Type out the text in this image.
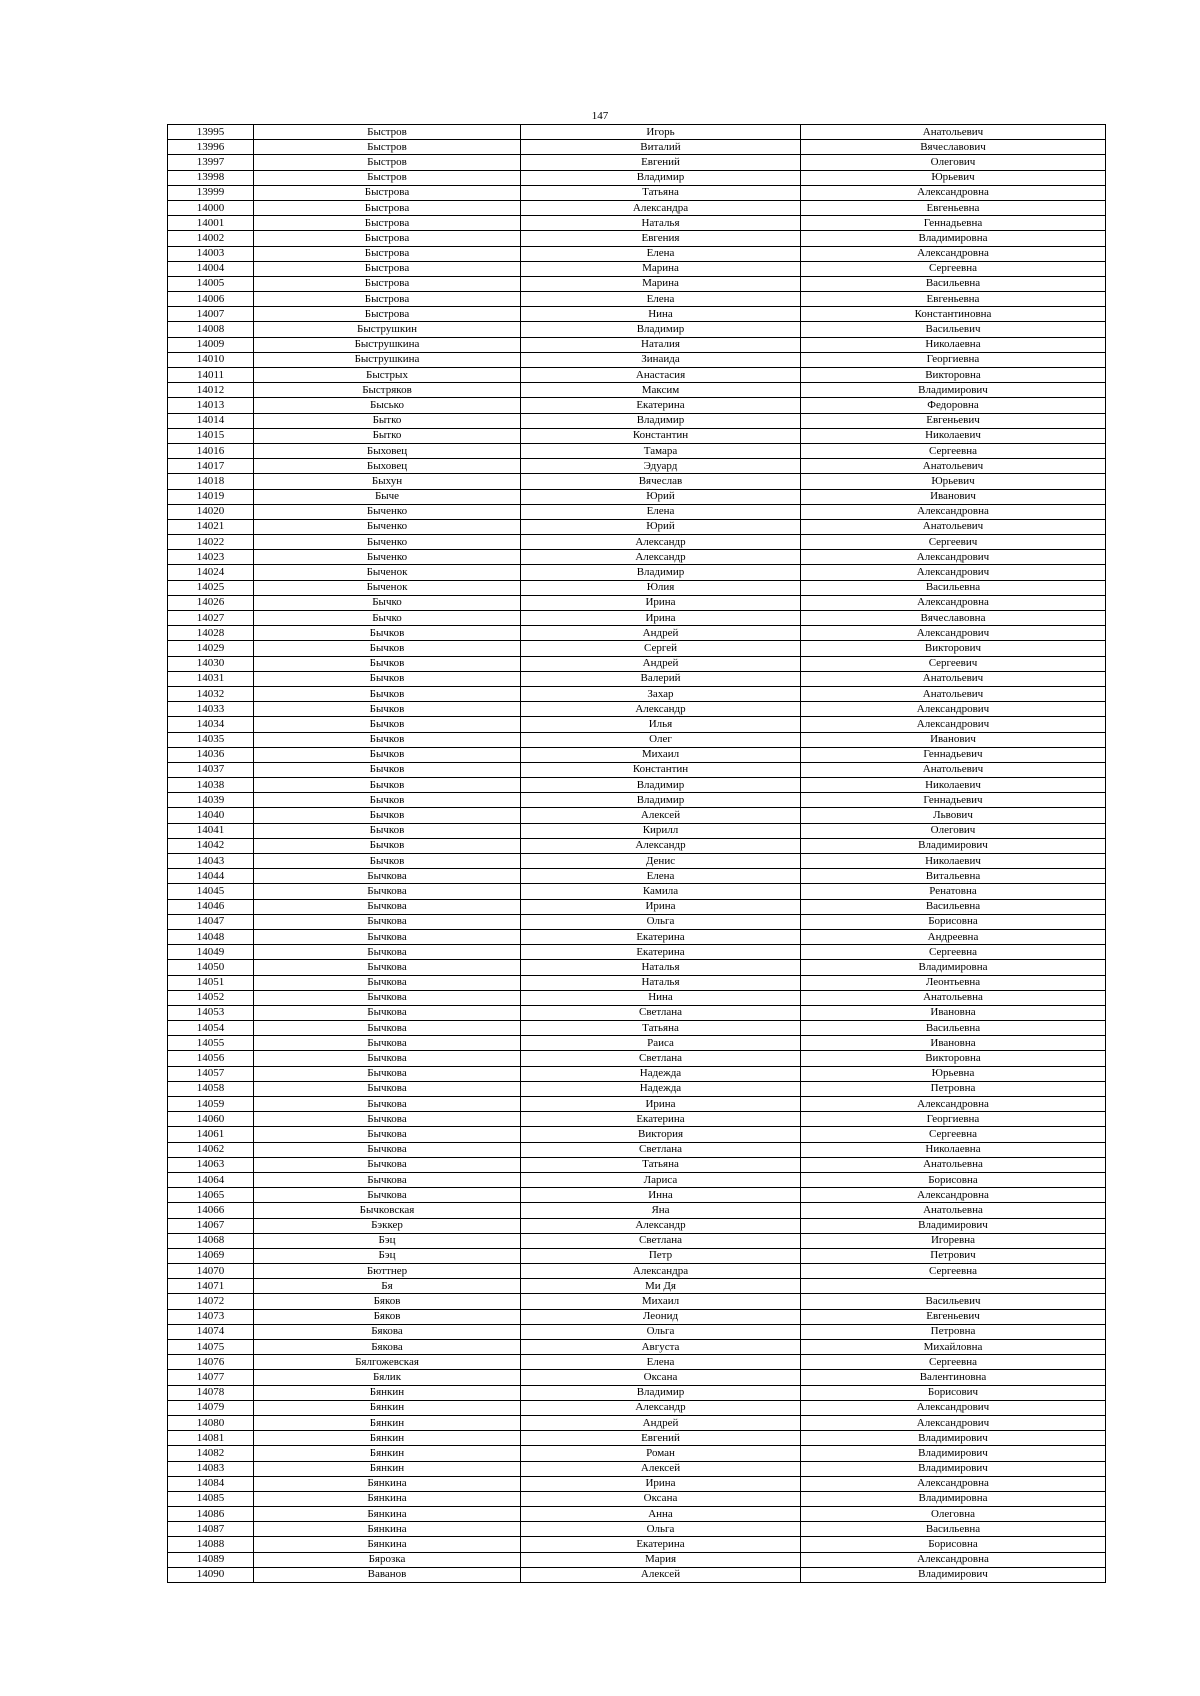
147
13995	Быстров	Игорь	Анатольевич
13996	Быстров	Виталий	Вячеславович
13997	Быстров	Евгений	Олегович
13998	Быстров	Владимир	Юрьевич
13999	Быстрова	Татьяна	Александровна
14000	Быстрова	Александра	Евгеньевна
14001	Быстрова	Наталья	Геннадьевна
14002	Быстрова	Евгения	Владимировна
14003	Быстрова	Елена	Александровна
14004	Быстрова	Марина	Сергеевна
14005	Быстрова	Марина	Васильевна
14006	Быстрова	Елена	Евгеньевна
14007	Быстрова	Нина	Константиновна
14008	Быструшкин	Владимир	Васильевич
14009	Быструшкина	Наталия	Николаевна
14010	Быструшкина	Зинаида	Георгиевна
14011	Быстрых	Анастасия	Викторовна
14012	Быстряков	Максим	Владимирович
14013	Бысько	Екатерина	Федоровна
14014	Бытко	Владимир	Евгеньевич
14015	Бытко	Константин	Николаевич
14016	Быховец	Тамара	Сергеевна
14017	Быховец	Эдуард	Анатольевич
14018	Быхун	Вячеслав	Юрьевич
14019	Быче	Юрий	Иванович
14020	Быченко	Елена	Александровна
14021	Быченко	Юрий	Анатольевич
14022	Быченко	Александр	Сергеевич
14023	Быченко	Александр	Александрович
14024	Быченок	Владимир	Александрович
14025	Быченок	Юлия	Васильевна
14026	Бычко	Ирина	Александровна
14027	Бычко	Ирина	Вячеславовна
14028	Бычков	Андрей	Александрович
14029	Бычков	Сергей	Викторович
14030	Бычков	Андрей	Сергеевич
14031	Бычков	Валерий	Анатольевич
14032	Бычков	Захар	Анатольевич
14033	Бычков	Александр	Александрович
14034	Бычков	Илья	Александрович
14035	Бычков	Олег	Иванович
14036	Бычков	Михаил	Геннадьевич
14037	Бычков	Константин	Анатольевич
14038	Бычков	Владимир	Николаевич
14039	Бычков	Владимир	Геннадьевич
14040	Бычков	Алексей	Львович
14041	Бычков	Кирилл	Олегович
14042	Бычков	Александр	Владимирович
14043	Бычков	Денис	Николаевич
14044	Бычкова	Елена	Витальевна
14045	Бычкова	Камила	Ренатовна
14046	Бычкова	Ирина	Васильевна
14047	Бычкова	Ольга	Борисовна
14048	Бычкова	Екатерина	Андреевна
14049	Бычкова	Екатерина	Сергеевна
14050	Бычкова	Наталья	Владимировна
14051	Бычкова	Наталья	Леонтьевна
14052	Бычкова	Нина	Анатольевна
14053	Бычкова	Светлана	Ивановна
14054	Бычкова	Татьяна	Васильевна
14055	Бычкова	Раиса	Ивановна
14056	Бычкова	Светлана	Викторовна
14057	Бычкова	Надежда	Юрьевна
14058	Бычкова	Надежда	Петровна
14059	Бычкова	Ирина	Александровна
14060	Бычкова	Екатерина	Георгиевна
14061	Бычкова	Виктория	Сергеевна
14062	Бычкова	Светлана	Николаевна
14063	Бычкова	Татьяна	Анатольевна
14064	Бычкова	Лариса	Борисовна
14065	Бычкова	Инна	Александровна
14066	Бычковская	Яна	Анатольевна
14067	Бэккер	Александр	Владимирович
14068	Бэц	Светлана	Игоревна
14069	Бэц	Петр	Петрович
14070	Бюттнер	Александра	Сергеевна
14071	Бя	Ми Дя	
14072	Бяков	Михаил	Васильевич
14073	Бяков	Леонид	Евгеньевич
14074	Бякова	Ольга	Петровна
14075	Бякова	Августа	Михайловна
14076	Бялгожевская	Елена	Сергеевна
14077	Бялик	Оксана	Валентиновна
14078	Бянкин	Владимир	Борисович
14079	Бянкин	Александр	Александрович
14080	Бянкин	Андрей	Александрович
14081	Бянкин	Евгений	Владимирович
14082	Бянкин	Роман	Владимирович
14083	Бянкин	Алексей	Владимирович
14084	Бянкина	Ирина	Александровна
14085	Бянкина	Оксана	Владимировна
14086	Бянкина	Анна	Олеговна
14087	Бянкина	Ольга	Васильевна
14088	Бянкина	Екатерина	Борисовна
14089	Бярозка	Мария	Александровна
14090	Ваванов	Алексей	Владимирович
